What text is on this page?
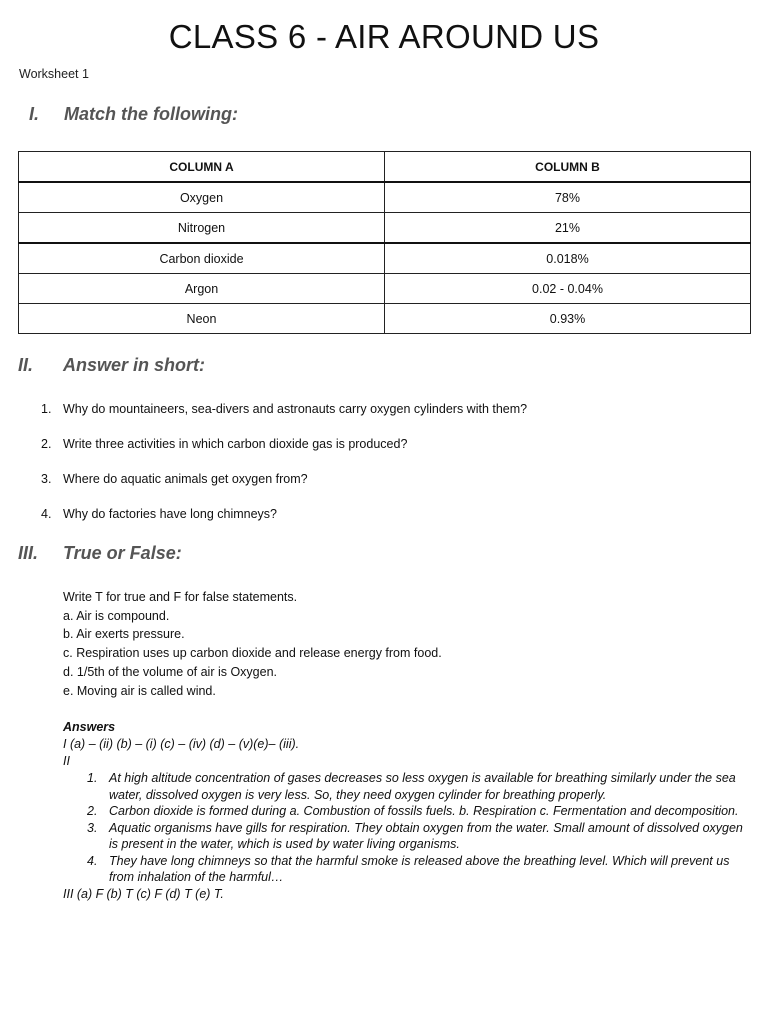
CLASS 6 - AIR AROUND US
Worksheet 1
I. Match the following:
COLUMN A	COLUMN B
Oxygen	78%
Nitrogen	21%
Carbon dioxide	0.018%
Argon	0.02 - 0.04%
Neon	0.93%
II. Answer in short:
1. Why do mountaineers, sea-divers and astronauts carry oxygen cylinders with them?
2. Write three activities in which carbon dioxide gas is produced?
3. Where do aquatic animals get oxygen from?
4. Why do factories have long chimneys?
III. True or False:
Write T for true and F for false statements.
a. Air is compound.
b. Air exerts pressure.
c. Respiration uses up carbon dioxide and release energy from food.
d. 1/5th of the volume of air is Oxygen.
e. Moving air is called wind.
Answers
I (a) – (ii) (b) – (i) (c) – (iv) (d) – (v)(e)– (iii).
II
1. At high altitude concentration of gases decreases so less oxygen is available for breathing similarly under the sea water, dissolved oxygen is very less. So, they need oxygen cylinder for breathing properly.
2. Carbon dioxide is formed during a. Combustion of fossils fuels. b. Respiration c. Fermentation and decomposition.
3. Aquatic organisms have gills for respiration. They obtain oxygen from the water. Small amount of dissolved oxygen is present in the water, which is used by water living organisms.
4. They have long chimneys so that the harmful smoke is released above the breathing level. Which will prevent us from inhalation of the harmful…
III (a) F (b) T (c) F (d) T (e) T.
